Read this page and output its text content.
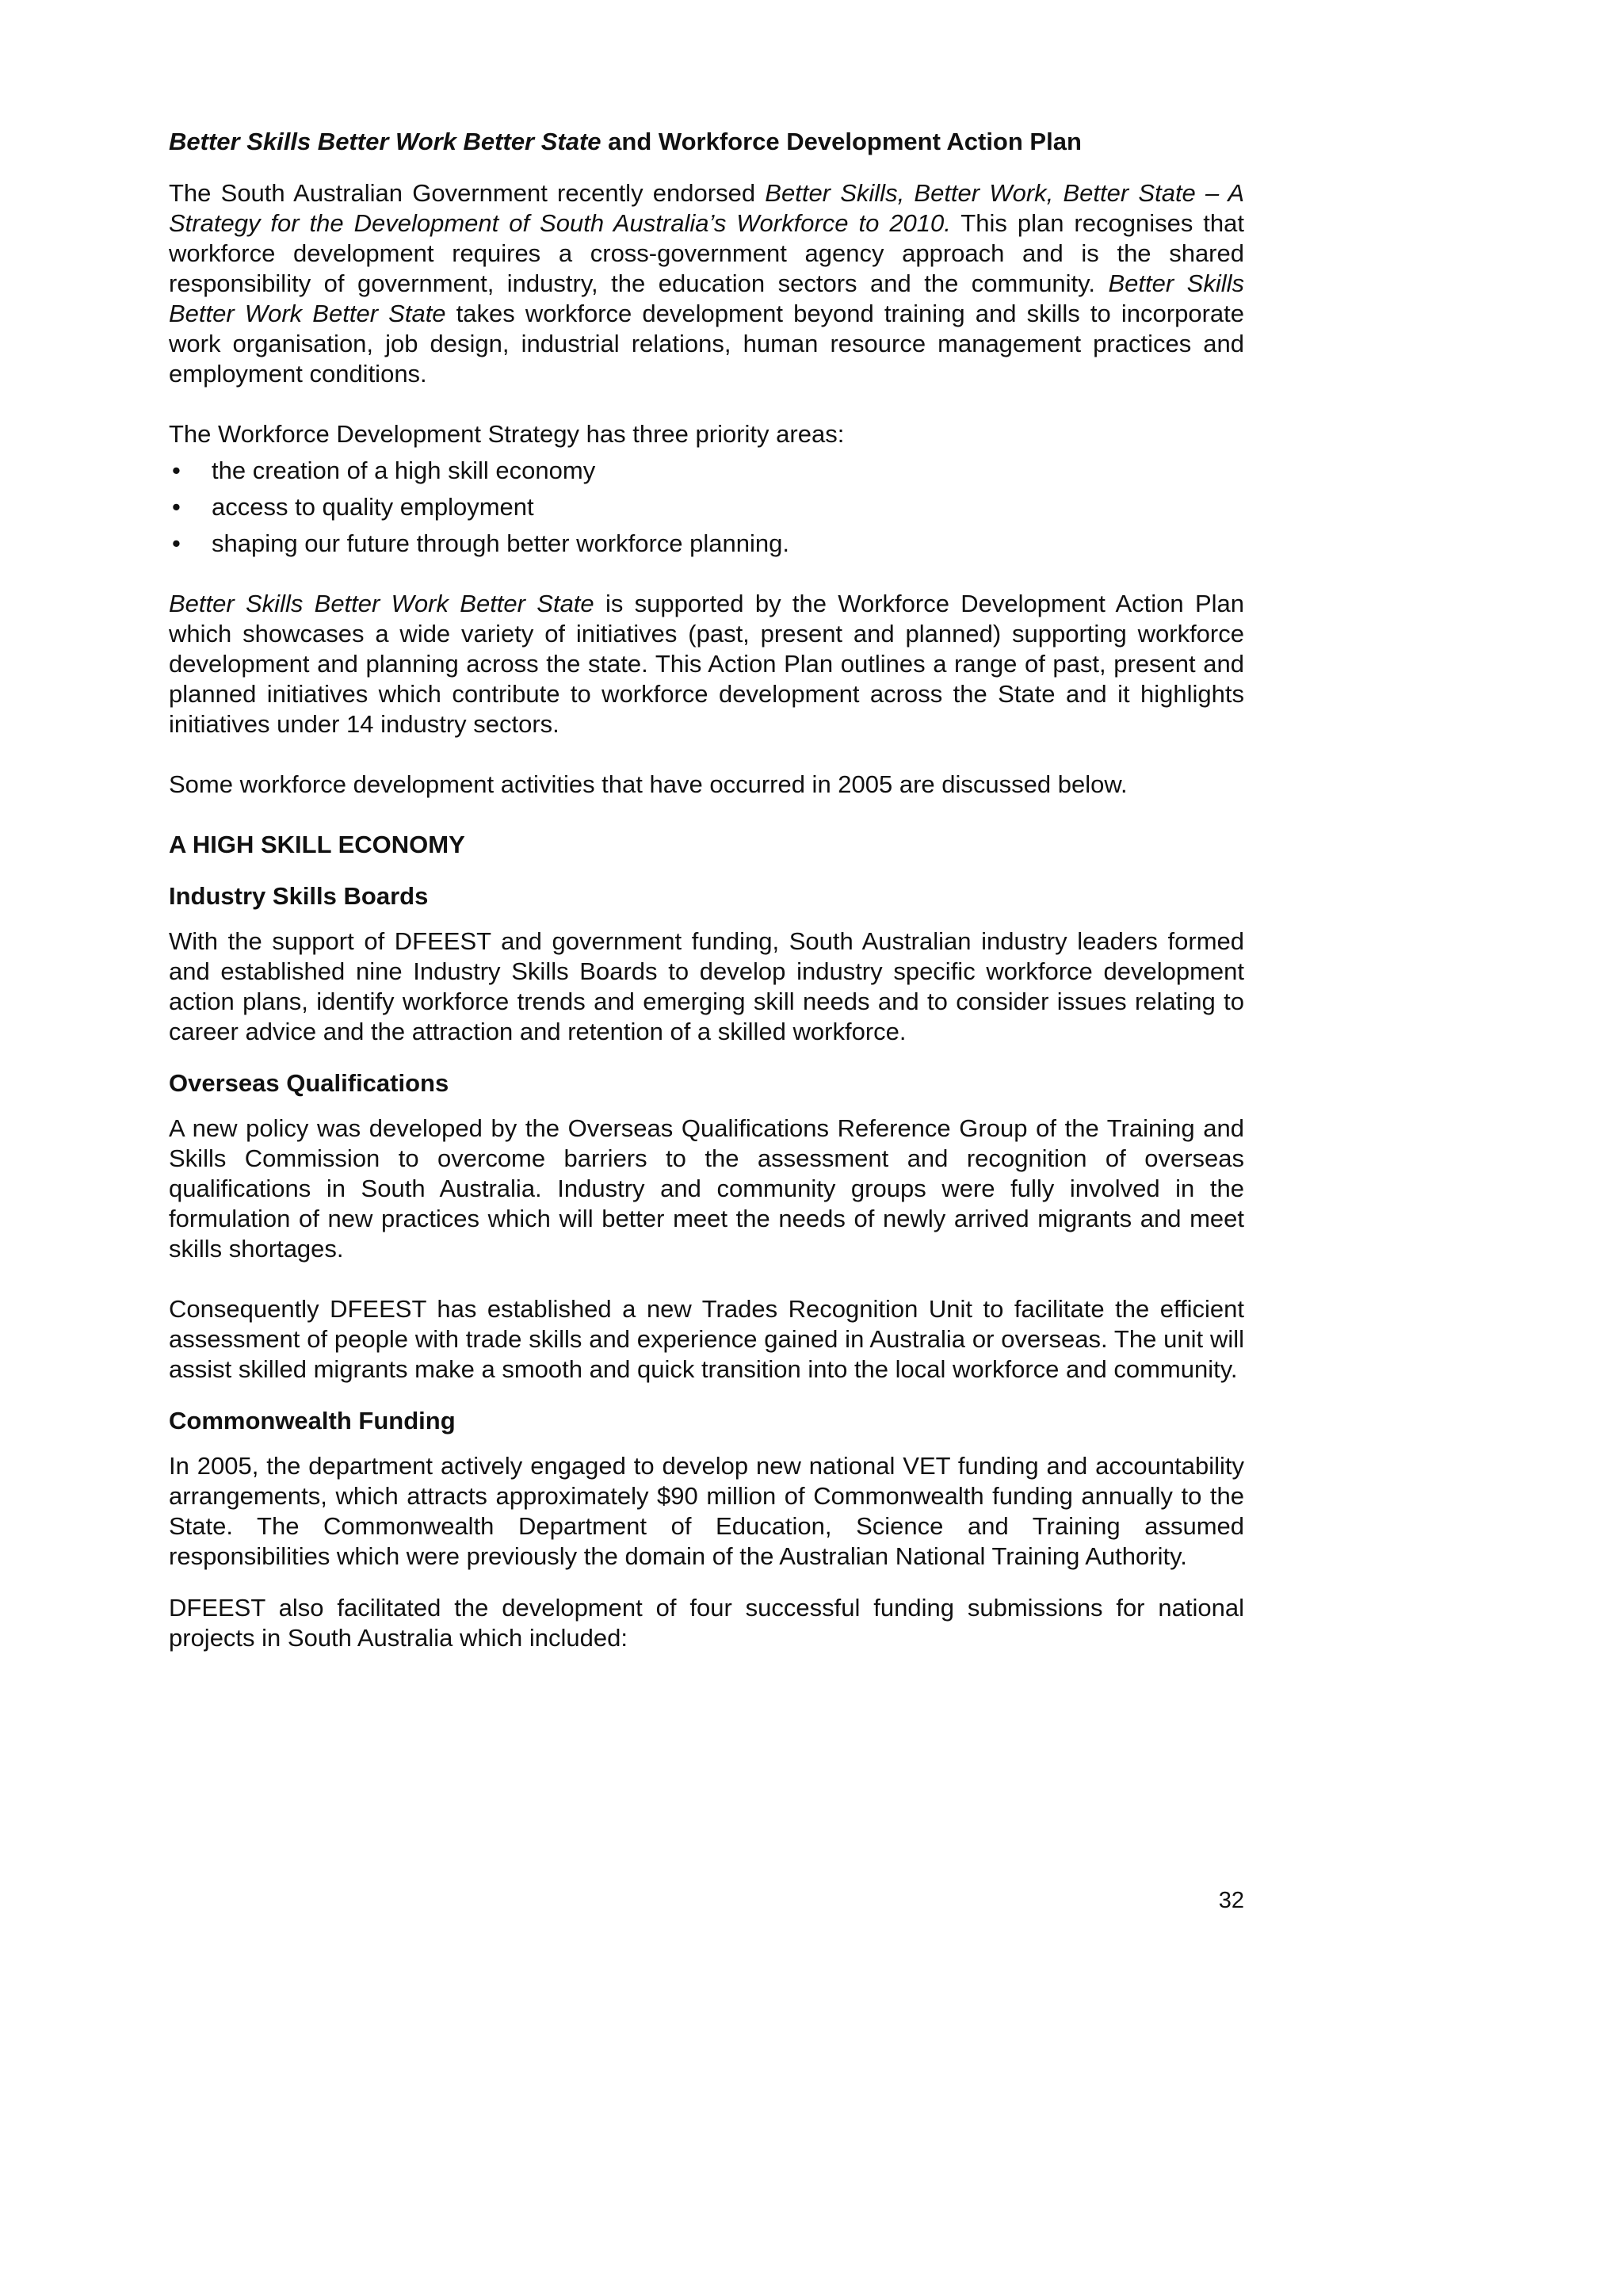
Better Skills Better Work Better State and Workforce Development Action Plan

The South Australian Government recently endorsed Better Skills, Better Work, Better State – A Strategy for the Development of South Australia’s Workforce to 2010. This plan recognises that workforce development requires a cross-government agency approach and is the shared responsibility of government, industry, the education sectors and the community. Better Skills Better Work Better State takes workforce development beyond training and skills to incorporate work organisation, job design, industrial relations, human resource management practices and employment conditions.

The Workforce Development Strategy has three priority areas:
• the creation of a high skill economy
• access to quality employment
• shaping our future through better workforce planning.

Better Skills Better Work Better State is supported by the Workforce Development Action Plan which showcases a wide variety of initiatives (past, present and planned) supporting workforce development and planning across the state. This Action Plan outlines a range of past, present and planned initiatives which contribute to workforce development across the State and it highlights initiatives under 14 industry sectors.

Some workforce development activities that have occurred in 2005 are discussed below.

A HIGH SKILL ECONOMY
Industry Skills Boards

With the support of DFEEST and government funding, South Australian industry leaders formed and established nine Industry Skills Boards to develop industry specific workforce development action plans, identify workforce trends and emerging skill needs and to consider issues relating to career advice and the attraction and retention of a skilled workforce.

Overseas Qualifications

A new policy was developed by the Overseas Qualifications Reference Group of the Training and Skills Commission to overcome barriers to the assessment and recognition of overseas qualifications in South Australia. Industry and community groups were fully involved in the formulation of new practices which will better meet the needs of newly arrived migrants and meet skills shortages.

Consequently DFEEST has established a new Trades Recognition Unit to facilitate the efficient assessment of people with trade skills and experience gained in Australia or overseas. The unit will assist skilled migrants make a smooth and quick transition into the local workforce and community.

Commonwealth Funding

In 2005, the department actively engaged to develop new national VET funding and accountability arrangements, which attracts approximately $90 million of Commonwealth funding annually to the State. The Commonwealth Department of Education, Science and Training assumed responsibilities which were previously the domain of the Australian National Training Authority.

DFEEST also facilitated the development of four successful funding submissions for national projects in South Australia which included:

32
